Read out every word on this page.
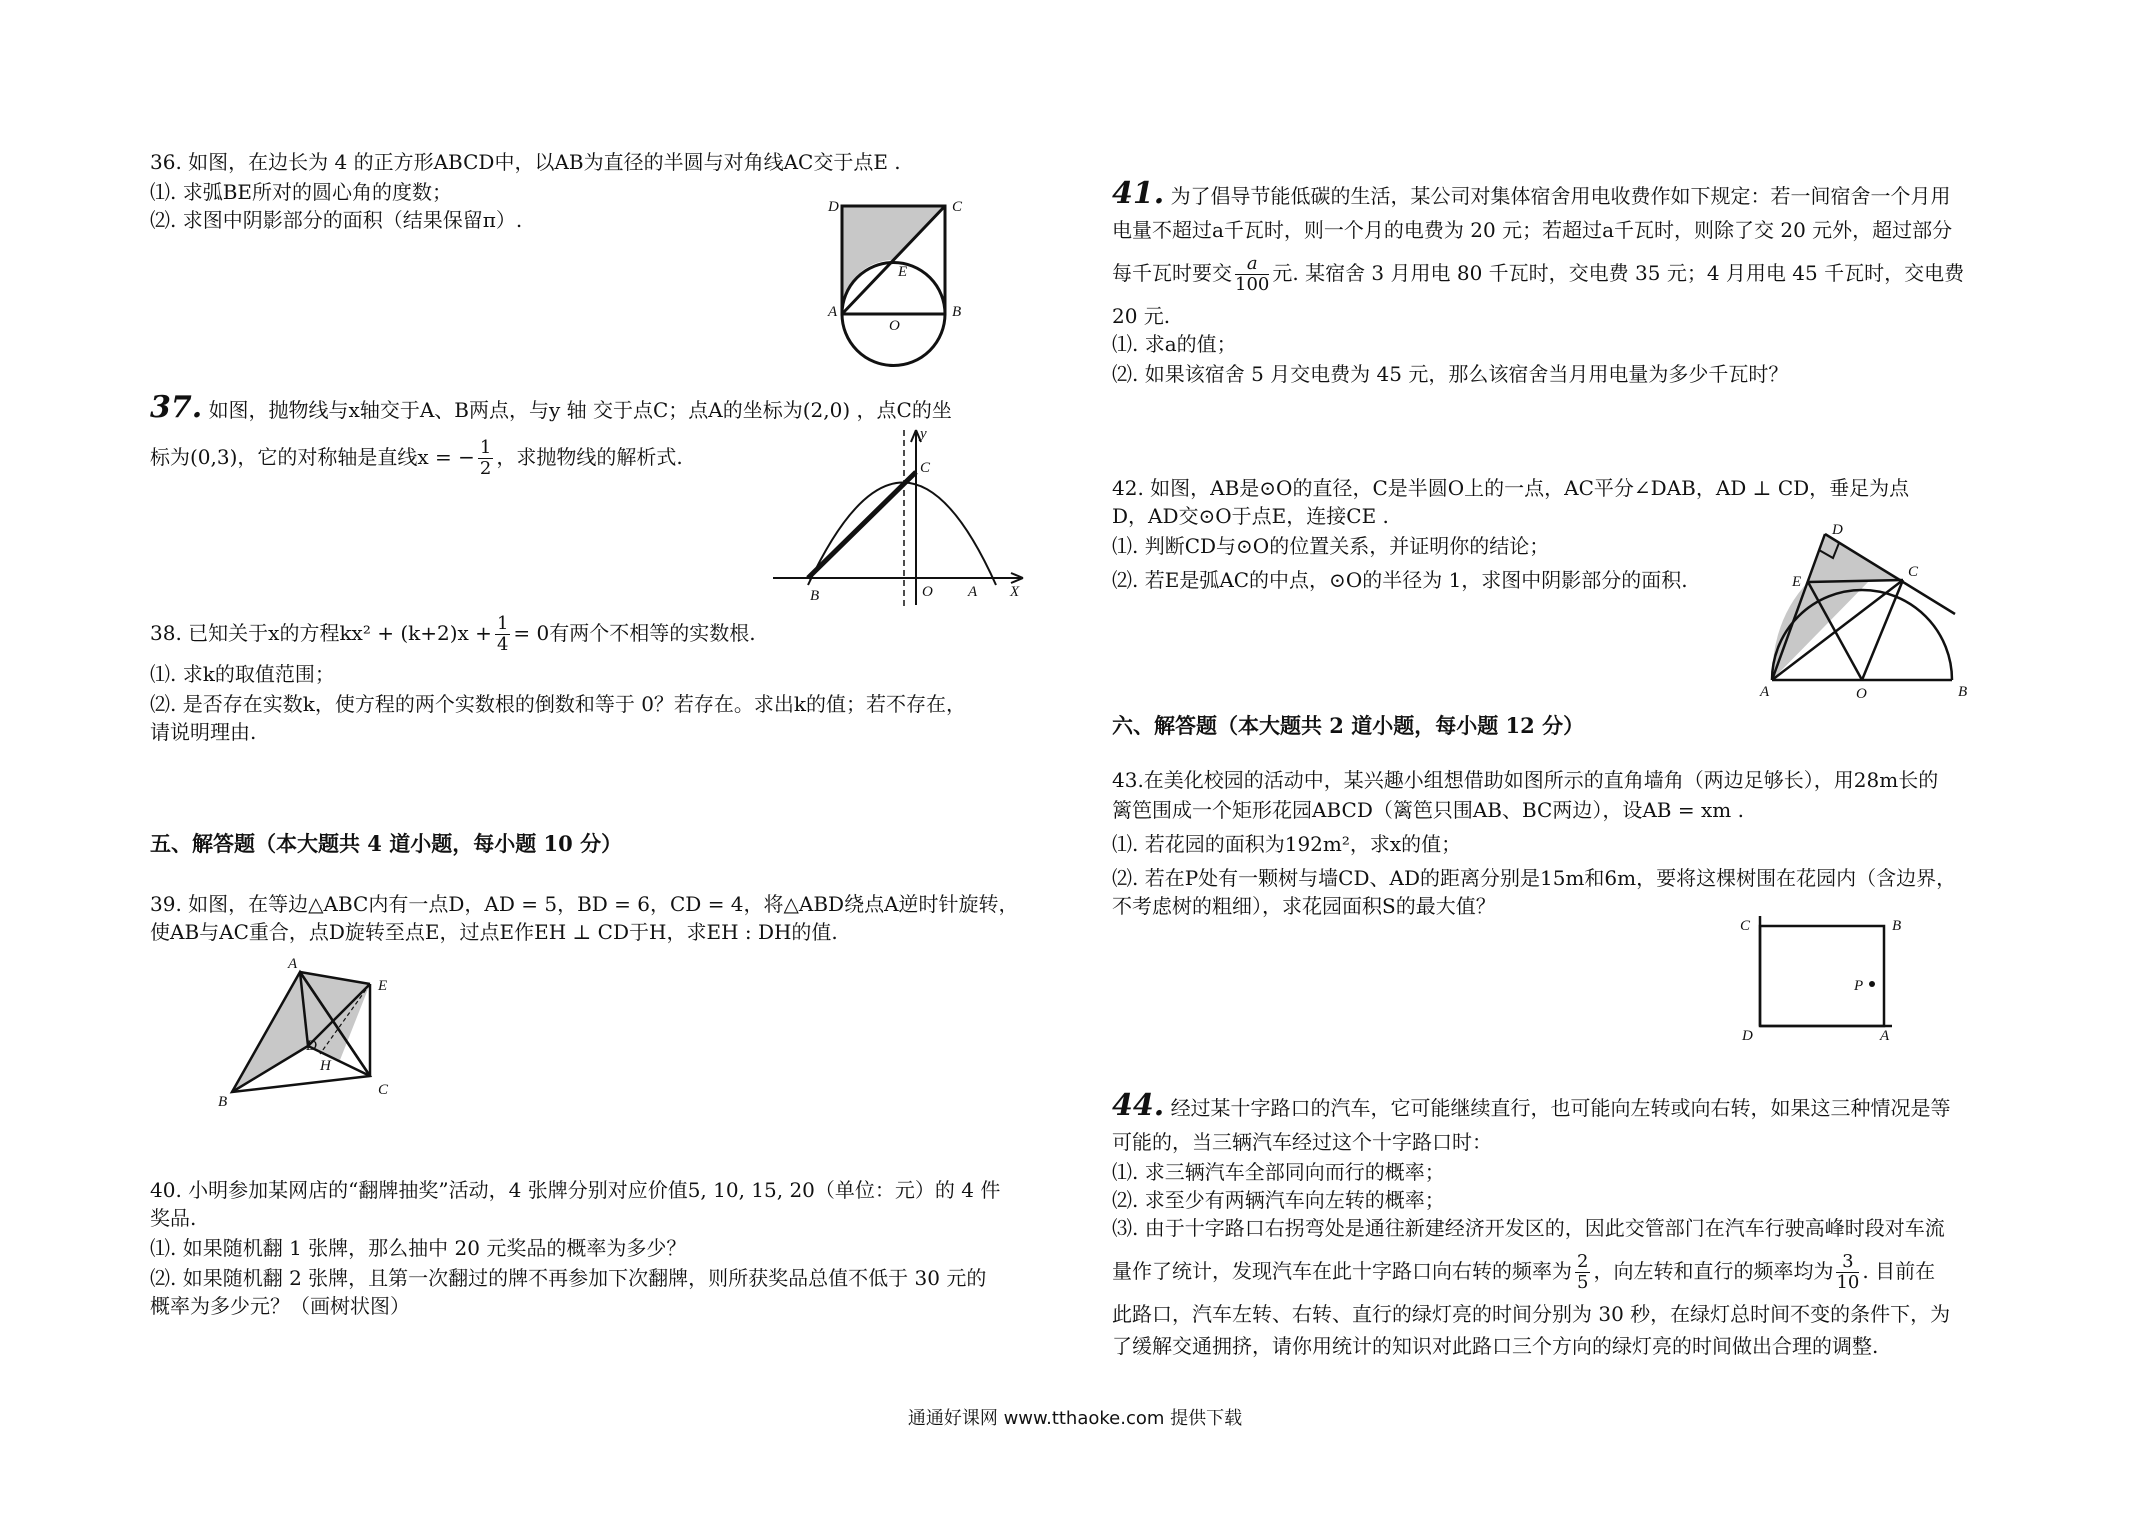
36. 如图，在边长为 4 的正方形ABCD中，以AB为直径的半圆与对角线AC交于点E .
⑴. 求弧BE所对的圆心角的度数；
⑵. 求图中阴影部分的面积（结果保留π）.
D	C
E
A
O
B
37. 如图，抛物线与x轴交于A、B两点，与y 轴 交于点C；点A的坐标为(2,0) ，点C的坐
标为(0,3)，它的对称轴是直线x = − $\frac{1}{2}$ ，求抛物线的解析式.
y
C
B	O A X
38. 已知关于x的方程$kx^2 + (k+2)x + \frac{1}{4} = 0$有两个不相等的实数根.
⑴. 求k的取值范围；
⑵. 是否存在实数k，使方程的两个实数根的倒数和等于 0？若存在。求出k的值；若不存在，
请说明理由.
五、解答题（本大题共 4 道小题，每小题 10 分）
39. 如图，在等边△ABC内有一点D，AD = 5，BD = 6，CD = 4，将△ABD绕点A逆时针旋转，
使AB与AC重合，点D旋转至点E，过点E作EH ⊥ CD于H，求EH : DH的值.
A
E
D
H
B
C
40. 小明参加某网店的“翻牌抽奖”活动，4 张牌分别对应价值5, 10, 15, 20（单位：元）的 4 件
奖品.
⑴. 如果随机翻 1 张牌，那么抽中 20 元奖品的概率为多少？
⑵. 如果随机翻 2 张牌，且第一次翻过的牌不再参加下次翻牌，则所获奖品总值不低于 30 元的
概率为多少元？（画树状图）
41. 为了倡导节能低碳的生活，某公司对集体宿舍用电收费作如下规定：若一间宿舍一个月用
电量不超过a千瓦时，则一个月的电费为 20 元；若超过a千瓦时，则除了交 20 元外，超过部分
每千瓦时要交 $\frac{a}{100}$ 元. 某宿舍 3 月用电 80 千瓦时，交电费 35 元；4 月用电 45 千瓦时，交电费
20 元.
⑴. 求a的值；
⑵. 如果该宿舍 5 月交电费为 45 元，那么该宿舍当月用电量为多少千瓦时？
42. 如图，AB是⊙O的直径，C是半圆O上的一点，AC平分∠DAB，AD ⊥ CD，垂足为点
D，AD交⊙O于点E，连接CE .
⑴. 判断CD与⊙O的位置关系，并证明你的结论；
⑵. 若E是弧AC的中点，⊙O的半径为 1，求图中阴影部分的面积.
D
E
C
A	O	B
六、解答题（本大题共 2 道小题，每小题 12 分）
43.在美化校园的活动中，某兴趣小组想借助如图所示的直角墙角（两边足够长），用28m长的
篱笆围成一个矩形花园ABCD（篱笆只围AB、BC两边），设AB = xm .
⑴. 若花园的面积为192m²，求x的值；
⑵. 若在P处有一颗树与墙CD、AD的距离分别是15m和6m，要将这棵树围在花园内（含边界，
不考虑树的粗细），求花园面积S的最大值？
C	B
P
D	A
44. 经过某十字路口的汽车，它可能继续直行，也可能向左转或向右转，如果这三种情况是等
可能的，当三辆汽车经过这个十字路口时：
⑴. 求三辆汽车全部同向而行的概率；
⑵. 求至少有两辆汽车向左转的概率；
⑶. 由于十字路口右拐弯处是通往新建经济开发区的，因此交管部门在汽车行驶高峰时段对车流
量作了统计，发现汽车在此十字路口向右转的频率为 $\frac{2}{5}$ ，向左转和直行的频率均为 $\frac{3}{10}$ . 目前在
此路口，汽车左转、右转、直行的绿灯亮的时间分别为 30 秒，在绿灯总时间不变的条件下，为
了缓解交通拥挤，请你用统计的知识对此路口三个方向的绿灯亮的时间做出合理的调整.
通通好课网 www.tthaoke.com 提供下载
